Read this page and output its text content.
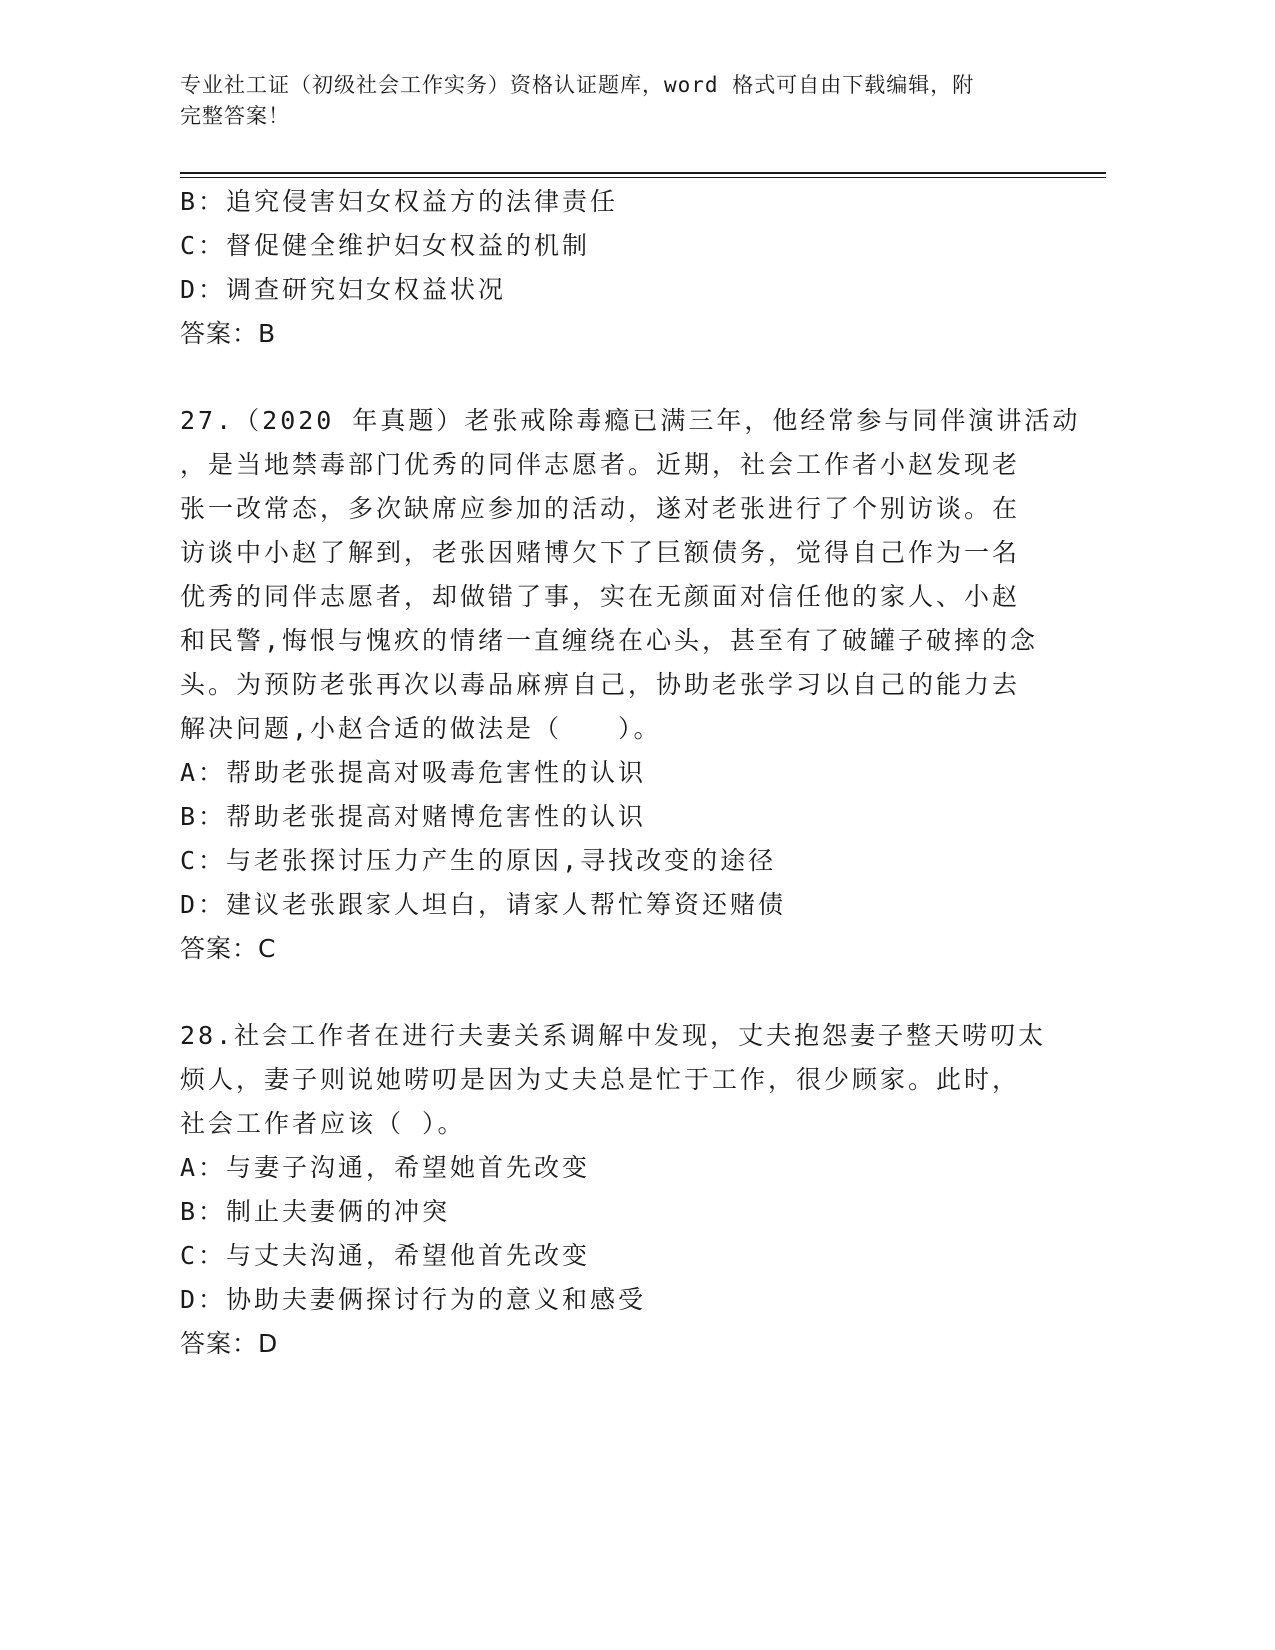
专业社工证（初级社会工作实务）资格认证题库，word 格式可自由下载编辑，附
完整答案！
B：追究侵害妇女权益方的法律责任
C：督促健全维护妇女权益的机制
D：调查研究妇女权益状况
答案：B
27.（2020 年真题）老张戒除毒瘾已满三年，他经常参与同伴演讲活动
，是当地禁毒部门优秀的同伴志愿者。近期，社会工作者小赵发现老
张一改常态，多次缺席应参加的活动，遂对老张进行了个别访谈。在
访谈中小赵了解到，老张因赌博欠下了巨额债务，觉得自己作为一名
优秀的同伴志愿者，却做错了事，实在无颜面对信任他的家人、小赵
和民警,悔恨与愧疚的情绪一直缠绕在心头，甚至有了破罐子破摔的念
头。为预防老张再次以毒品麻痹自己，协助老张学习以自己的能力去
解决问题,小赵合适的做法是（　　）。
A：帮助老张提高对吸毒危害性的认识
B：帮助老张提高对赌博危害性的认识
C：与老张探讨压力产生的原因,寻找改变的途径
D：建议老张跟家人坦白，请家人帮忙筹资还赌债
答案：C
28.社会工作者在进行夫妻关系调解中发现，丈夫抱怨妻子整天唠叨太
烦人，妻子则说她唠叨是因为丈夫总是忙于工作，很少顾家。此时，
社会工作者应该（ ）。
A：与妻子沟通，希望她首先改变
B：制止夫妻俩的冲突
C：与丈夫沟通，希望他首先改变
D：协助夫妻俩探讨行为的意义和感受
答案：D
